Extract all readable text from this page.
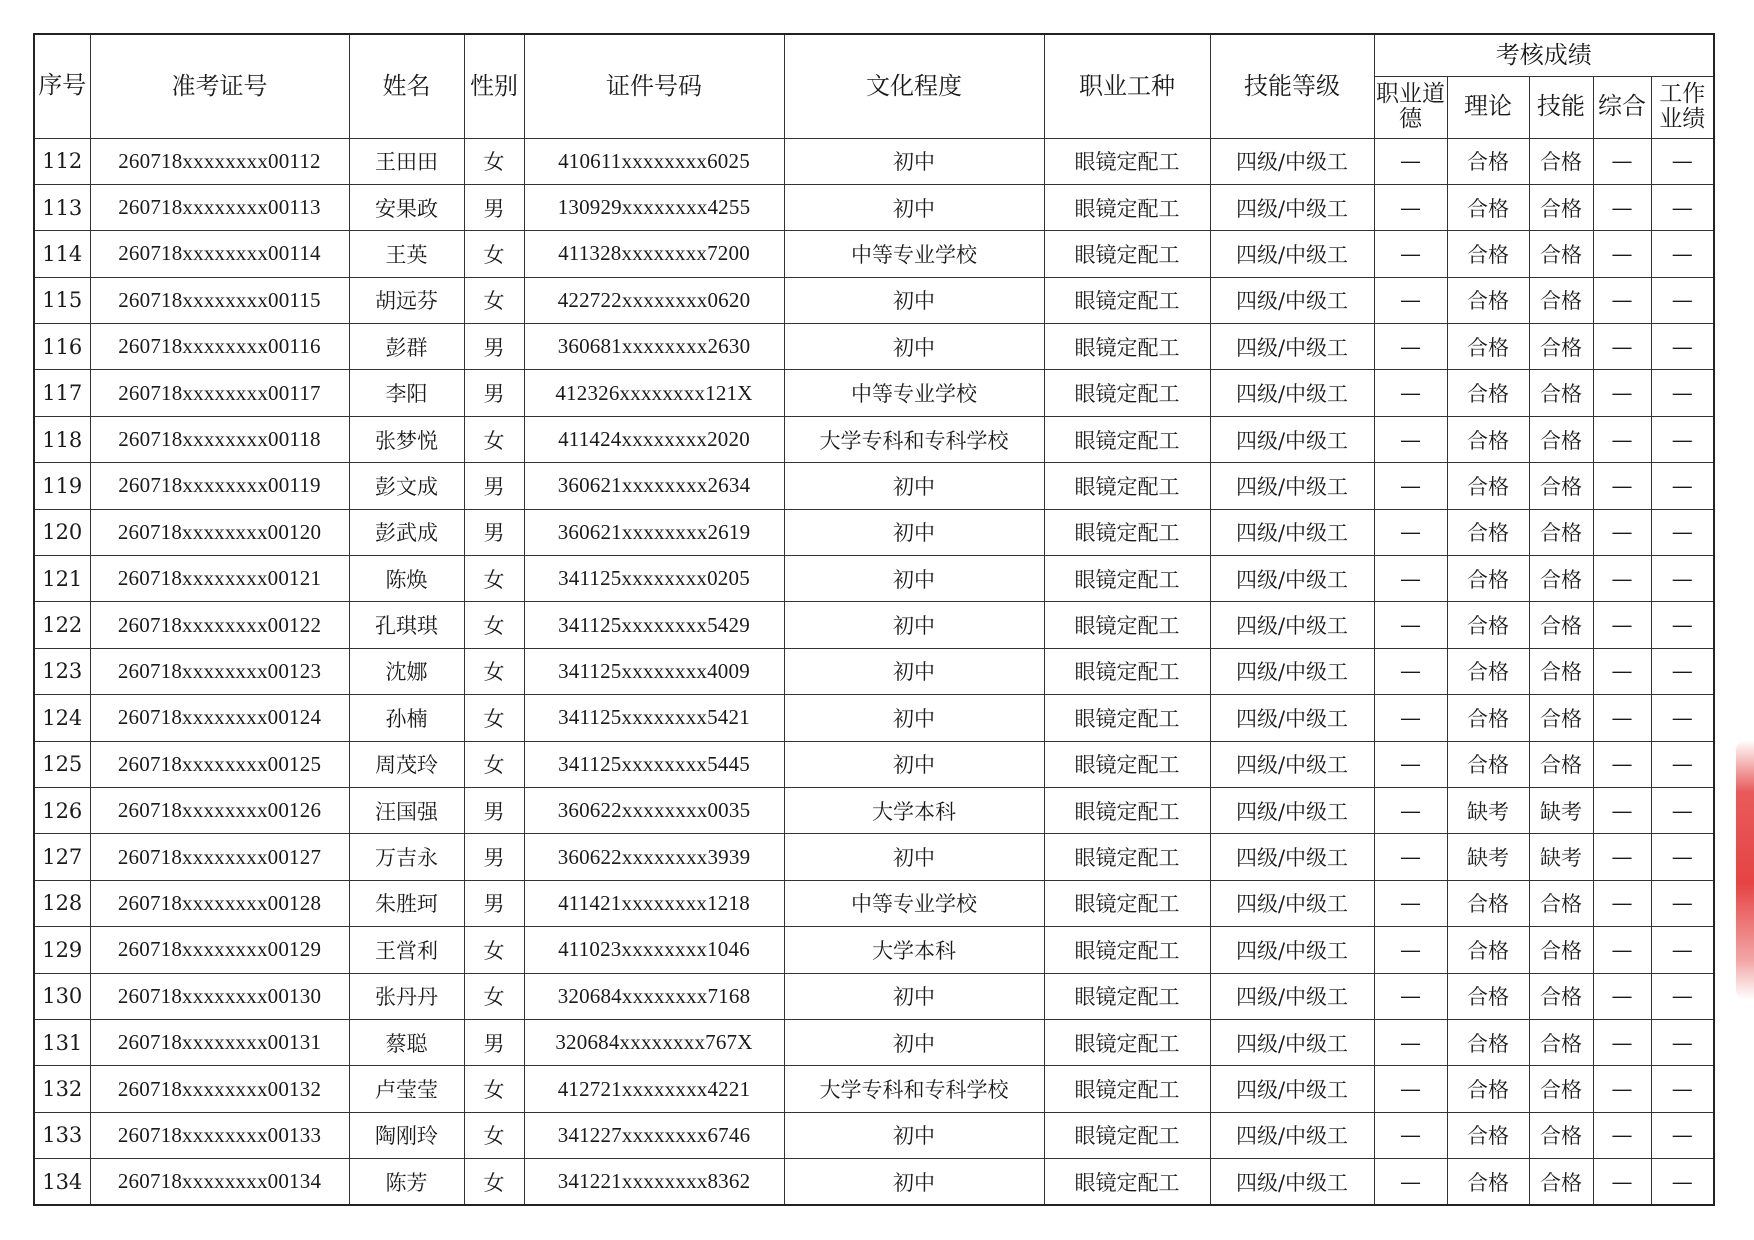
序号	准考证号	姓名	性别	证件号码	文化程度	职业工种	技能等级	考核成绩				
								职业道德	理论	技能	综合	工作业绩
112	260718xxxxxxxx00112	王田田	女	410611xxxxxxxx6025	初中	眼镜定配工	四级/中级工	—	合格	合格	—	—
113	260718xxxxxxxx00113	安果政	男	130929xxxxxxxx4255	初中	眼镜定配工	四级/中级工	—	合格	合格	—	—
114	260718xxxxxxxx00114	王英	女	411328xxxxxxxx7200	中等专业学校	眼镜定配工	四级/中级工	—	合格	合格	—	—
115	260718xxxxxxxx00115	胡远芬	女	422722xxxxxxxx0620	初中	眼镜定配工	四级/中级工	—	合格	合格	—	—
116	260718xxxxxxxx00116	彭群	男	360681xxxxxxxx2630	初中	眼镜定配工	四级/中级工	—	合格	合格	—	—
117	260718xxxxxxxx00117	李阳	男	412326xxxxxxxx121X	中等专业学校	眼镜定配工	四级/中级工	—	合格	合格	—	—
118	260718xxxxxxxx00118	张梦悦	女	411424xxxxxxxx2020	大学专科和专科学校	眼镜定配工	四级/中级工	—	合格	合格	—	—
119	260718xxxxxxxx00119	彭文成	男	360621xxxxxxxx2634	初中	眼镜定配工	四级/中级工	—	合格	合格	—	—
120	260718xxxxxxxx00120	彭武成	男	360621xxxxxxxx2619	初中	眼镜定配工	四级/中级工	—	合格	合格	—	—
121	260718xxxxxxxx00121	陈焕	女	341125xxxxxxxx0205	初中	眼镜定配工	四级/中级工	—	合格	合格	—	—
122	260718xxxxxxxx00122	孔琪琪	女	341125xxxxxxxx5429	初中	眼镜定配工	四级/中级工	—	合格	合格	—	—
123	260718xxxxxxxx00123	沈娜	女	341125xxxxxxxx4009	初中	眼镜定配工	四级/中级工	—	合格	合格	—	—
124	260718xxxxxxxx00124	孙楠	女	341125xxxxxxxx5421	初中	眼镜定配工	四级/中级工	—	合格	合格	—	—
125	260718xxxxxxxx00125	周茂玲	女	341125xxxxxxxx5445	初中	眼镜定配工	四级/中级工	—	合格	合格	—	—
126	260718xxxxxxxx00126	汪国强	男	360622xxxxxxxx0035	大学本科	眼镜定配工	四级/中级工	—	缺考	缺考	—	—
127	260718xxxxxxxx00127	万吉永	男	360622xxxxxxxx3939	初中	眼镜定配工	四级/中级工	—	缺考	缺考	—	—
128	260718xxxxxxxx00128	朱胜珂	男	411421xxxxxxxx1218	中等专业学校	眼镜定配工	四级/中级工	—	合格	合格	—	—
129	260718xxxxxxxx00129	王営利	女	411023xxxxxxxx1046	大学本科	眼镜定配工	四级/中级工	—	合格	合格	—	—
130	260718xxxxxxxx00130	张丹丹	女	320684xxxxxxxx7168	初中	眼镜定配工	四级/中级工	—	合格	合格	—	—
131	260718xxxxxxxx00131	蔡聪	男	320684xxxxxxxx767X	初中	眼镜定配工	四级/中级工	—	合格	合格	—	—
132	260718xxxxxxxx00132	卢莹莹	女	412721xxxxxxxx4221	大学专科和专科学校	眼镜定配工	四级/中级工	—	合格	合格	—	—
133	260718xxxxxxxx00133	陶刚玲	女	341227xxxxxxxx6746	初中	眼镜定配工	四级/中级工	—	合格	合格	—	—
134	260718xxxxxxxx00134	陈芳	女	341221xxxxxxxx8362	初中	眼镜定配工	四级/中级工	—	合格	合格	—	—
